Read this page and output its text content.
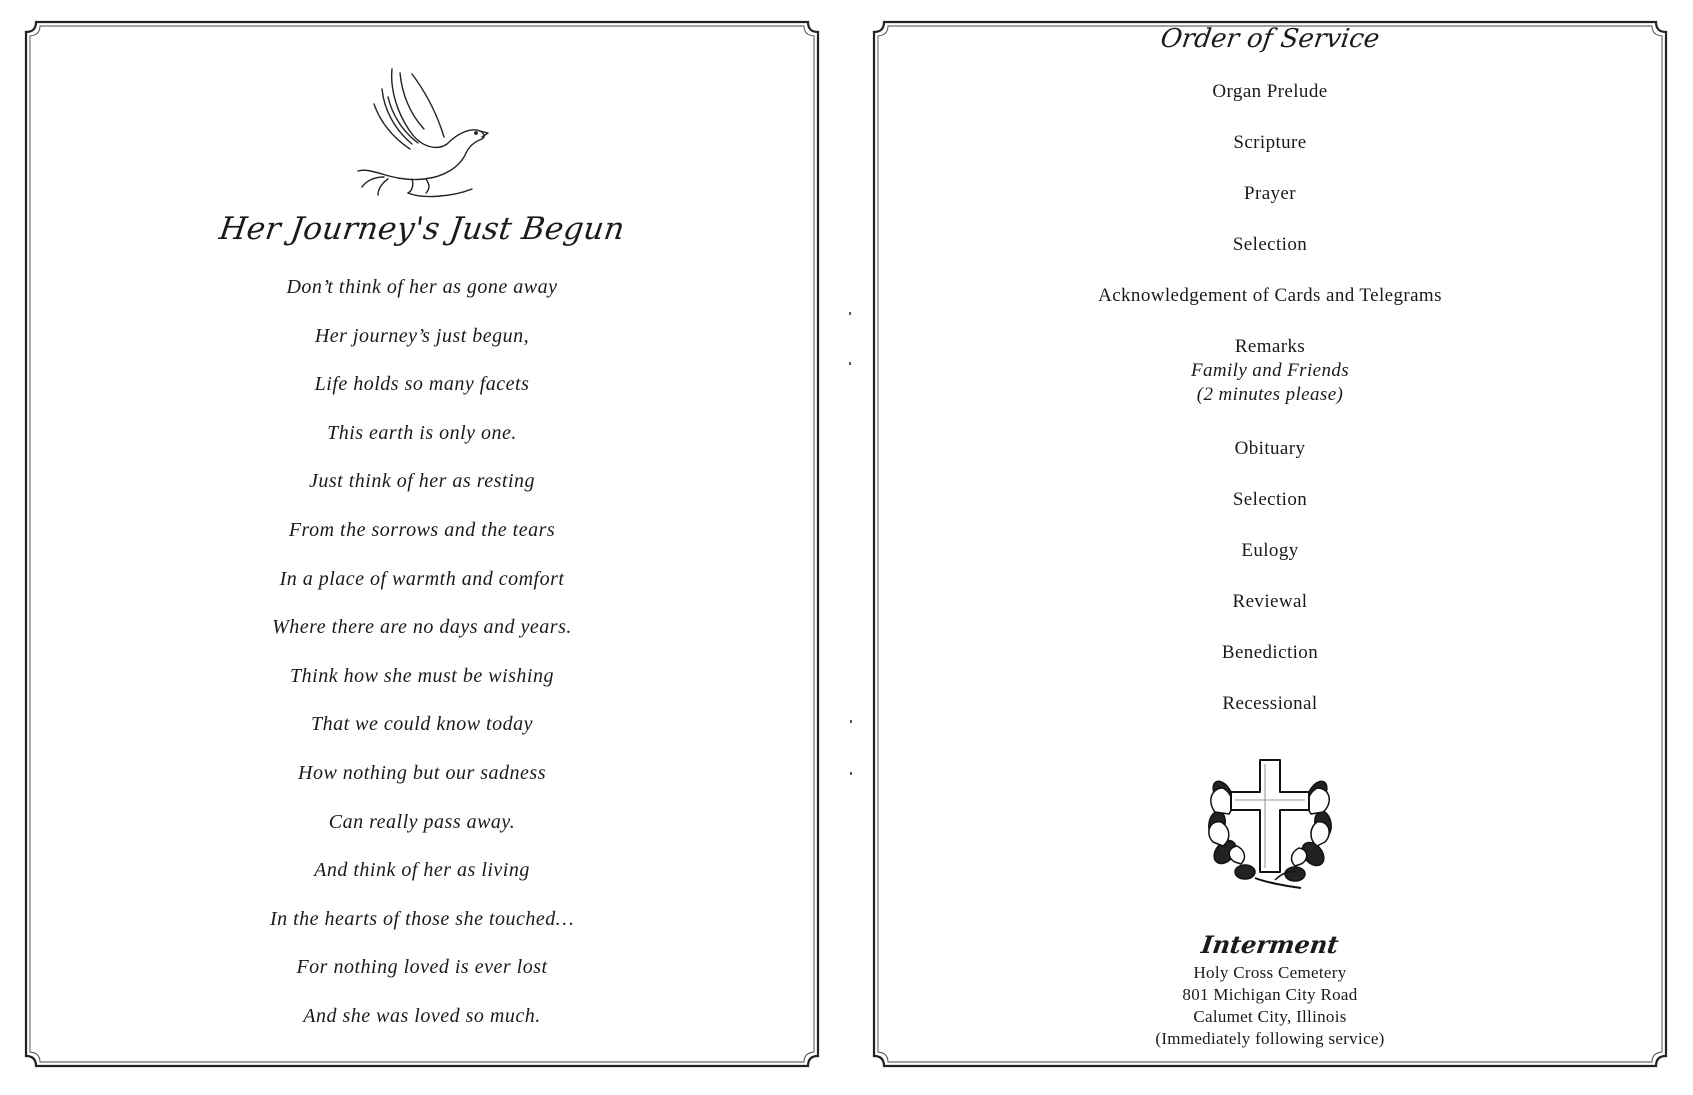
Her Journey's Just Begun
Don’t think of her as gone away
Her journey’s just begun,
Life holds so many facets
This earth is only one.
Just think of her as resting
From the sorrows and the tears
In a place of warmth and comfort
Where there are no days and years.
Think how she must be wishing
That we could know today
How nothing but our sadness
Can really pass away.
And think of her as living
In the hearts of those she touched…
For nothing loved is ever lost
And she was loved so much.
Order of Service
Organ Prelude
Scripture
Prayer
Selection
Acknowledgement of Cards and Telegrams
Remarks
Family and Friends
(2 minutes please)
Obituary
Selection
Eulogy
Reviewal
Benediction
Recessional
Interment
Holy Cross Cemetery
801 Michigan City Road
Calumet City, Illinois
(Immediately following service)
